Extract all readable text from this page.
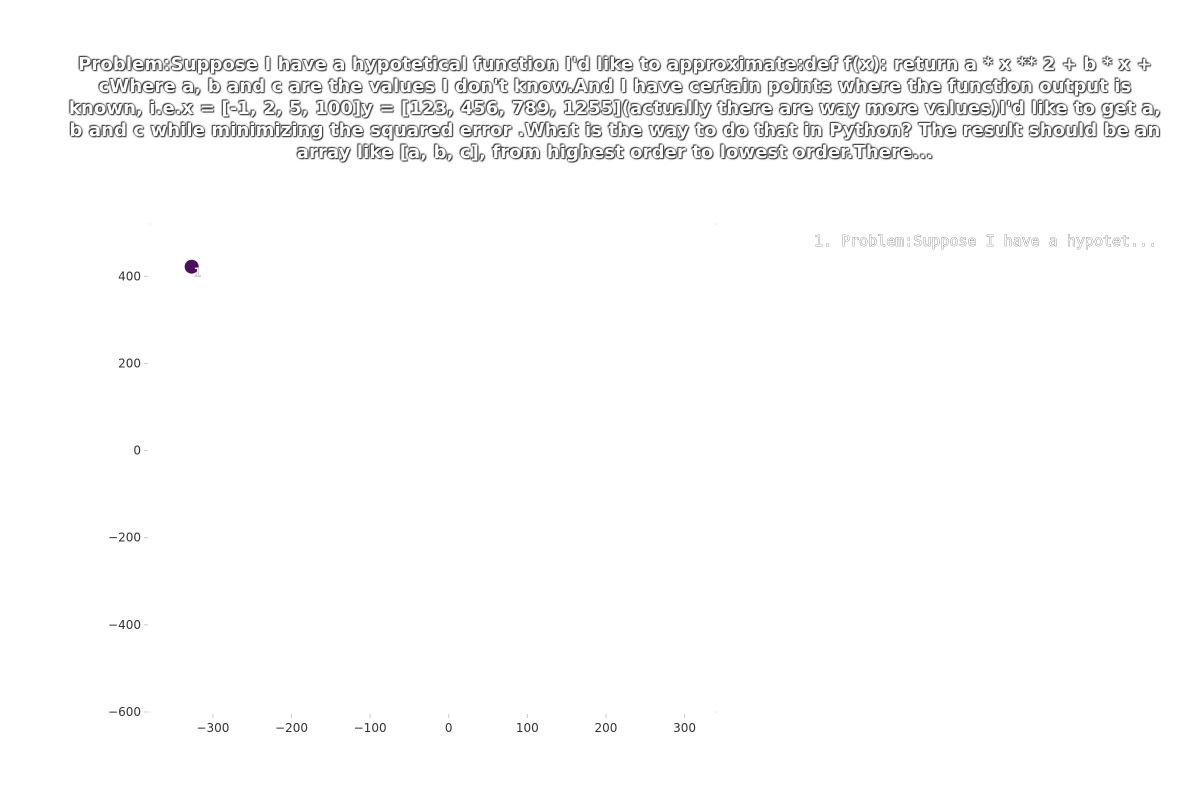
Problem:Suppose I have a hypotetical function I'd like to approximate:def f(x): return a * x ** 2 + b * x + cWhere a, b and c are the values I don't know.And I have certain points where the function output is known, i.e.x = [-1, 2, 5, 100]y = [123, 456, 789, 1255](actually there are way more values)I'd like to get a, b and c while minimizing the squared error .What is the way to do that in Python? The result should be an array like [a, b, c], from highest order to lowest order.There...
−300	−200	−100	0	100	200	300
−600
−400
−200
0
200
400	1
1. Problem:Suppose I have a hypotet...
